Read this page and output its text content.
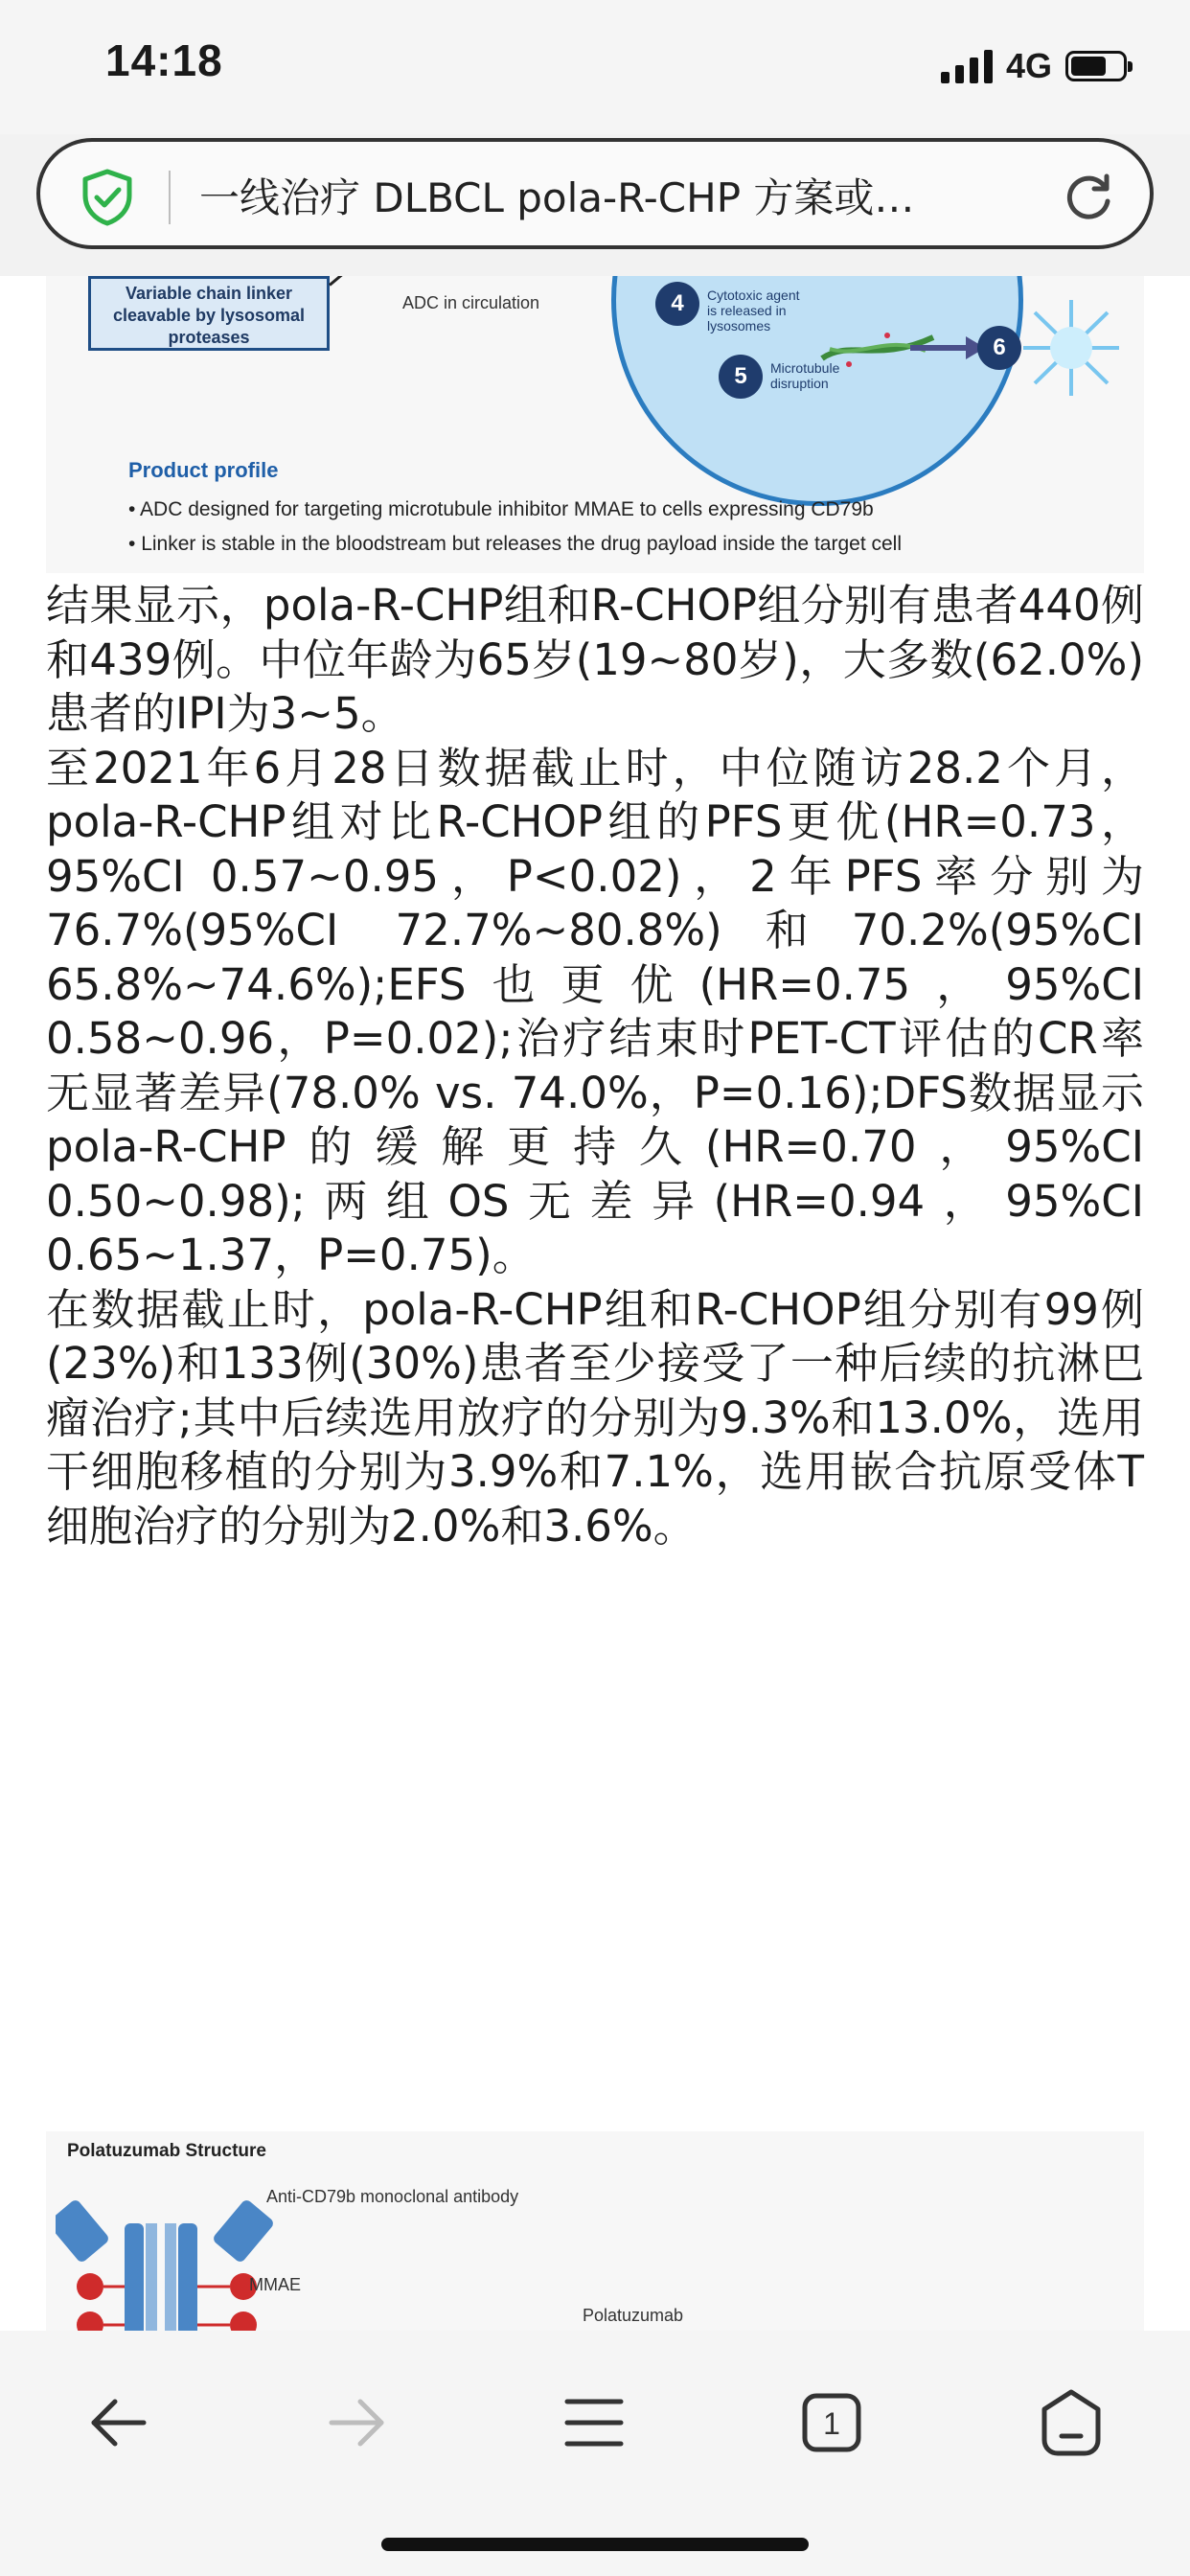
14:18	4G
一线治疗 DLBCL pola-R-CHP 方案或…
Variable chain linker cleavable by lysosomal proteases
ADC in circulation	4	Cytotoxic agent is released in lysosomes
5	Microtubule disruption
6
Product profile
• ADC designed for targeting microtubule inhibitor MMAE to cells expressing CD79b
• Linker is stable in the bloodstream but releases the drug payload inside the target cell

结果显示，pola-R-CHP组和R-CHOP组分别有患者440例和439例。中位年龄为65岁(19~80岁)，大多数(62.0%)患者的IPI为3~5。

至2021年6月28日数据截止时，中位随访28.2个月，pola-R-CHP组对比R-CHOP组的PFS更优(HR=0.73，95%CI 0.57~0.95，P<0.02)，2年PFS率分别为76.7%(95%CI 72.7%~80.8%)和70.2%(95%CI 65.8%~74.6%);EFS也更优(HR=0.75，95%CI 0.58~0.96，P=0.02);治疗结束时PET-CT评估的CR率无显著差异(78.0% vs. 74.0%，P=0.16);DFS数据显示pola-R-CHP的缓解更持久(HR=0.70，95%CI 0.50~0.98);两组OS无差异(HR=0.94，95%CI 0.65~1.37，P=0.75)。

在数据截止时，pola-R-CHP组和R-CHOP组分别有99例(23%)和133例(30%)患者至少接受了一种后续的抗淋巴瘤治疗;其中后续选用放疗的分别为9.3%和13.0%，选用干细胞移植的分别为3.9%和7.1%，选用嵌合抗原受体T细胞治疗的分别为2.0%和3.6%。

Polatuzumab Structure
Anti-CD79b monoclonal antibody
MMAE
Polatuzumab
1
